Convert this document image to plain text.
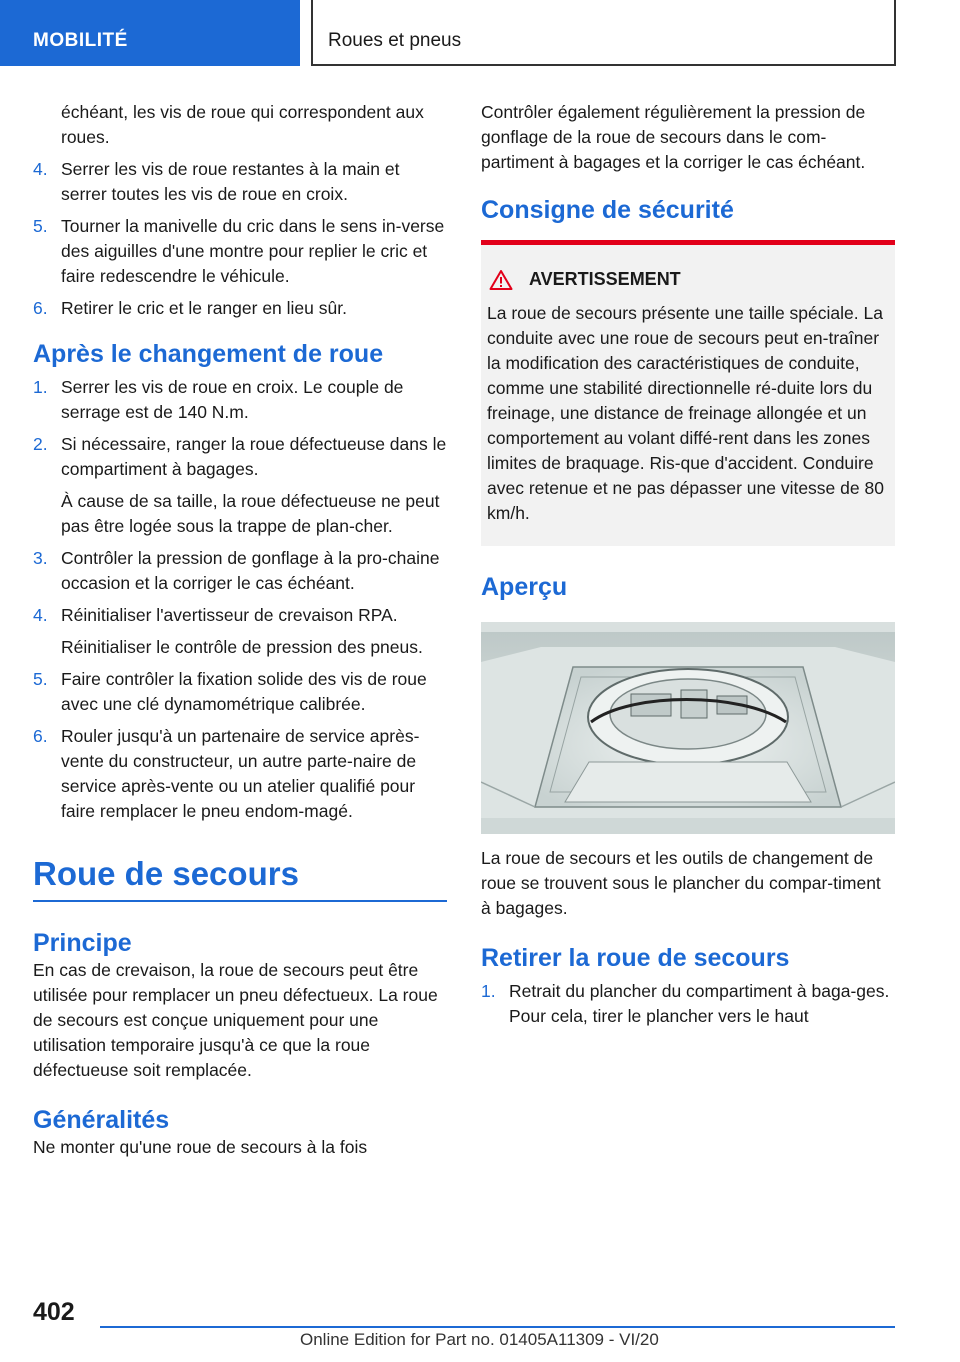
MOBILITÉ	Roues et pneus
échéant, les vis de roue qui correspondent aux roues.
4. Serrer les vis de roue restantes à la main et serrer toutes les vis de roue en croix.
5. Tourner la manivelle du cric dans le sens in-verse des aiguilles d'une montre pour replier le cric et faire redescendre le véhicule.
6. Retirer le cric et le ranger en lieu sûr.
Après le changement de roue
1. Serrer les vis de roue en croix. Le couple de serrage est de 140 N.m.
2. Si nécessaire, ranger la roue défectueuse dans le compartiment à bagages.
À cause de sa taille, la roue défectueuse ne peut pas être logée sous la trappe de plan-cher.
3. Contrôler la pression de gonflage à la pro-chaine occasion et la corriger le cas échéant.
4. Réinitialiser l'avertisseur de crevaison RPA.
Réinitialiser le contrôle de pression des pneus.
5. Faire contrôler la fixation solide des vis de roue avec une clé dynamométrique calibrée.
6. Rouler jusqu'à un partenaire de service après-vente du constructeur, un autre parte-naire de service après-vente ou un atelier qualifié pour faire remplacer le pneu endom-magé.
Roue de secours
Principe

En cas de crevaison, la roue de secours peut être utilisée pour remplacer un pneu défectueux. La roue de secours est conçue uniquement pour une utilisation temporaire jusqu'à ce que la roue défectueuse soit remplacée.

Généralités

Ne monter qu'une roue de secours à la fois

Contrôler également régulièrement la pression de gonflage de la roue de secours dans le com-partiment à bagages et la corriger le cas échéant.

Consigne de sécurité
AVERTISSEMENT

La roue de secours présente une taille spéciale. La conduite avec une roue de secours peut en-traîner la modification des caractéristiques de conduite, comme une stabilité directionnelle ré-duite lors du freinage, une distance de freinage allongée et un comportement au volant diffé-rent dans les zones limites de braquage. Ris-que d'accident. Conduire avec retenue et ne pas dépasser une vitesse de 80 km/h.

Aperçu

La roue de secours et les outils de changement de roue se trouvent sous le plancher du compar-timent à bagages.

Retirer la roue de secours
1. Retrait du plancher du compartiment à baga-ges. Pour cela, tirer le plancher vers le haut
402
Online Edition for Part no. 01405A11309 - VI/20
